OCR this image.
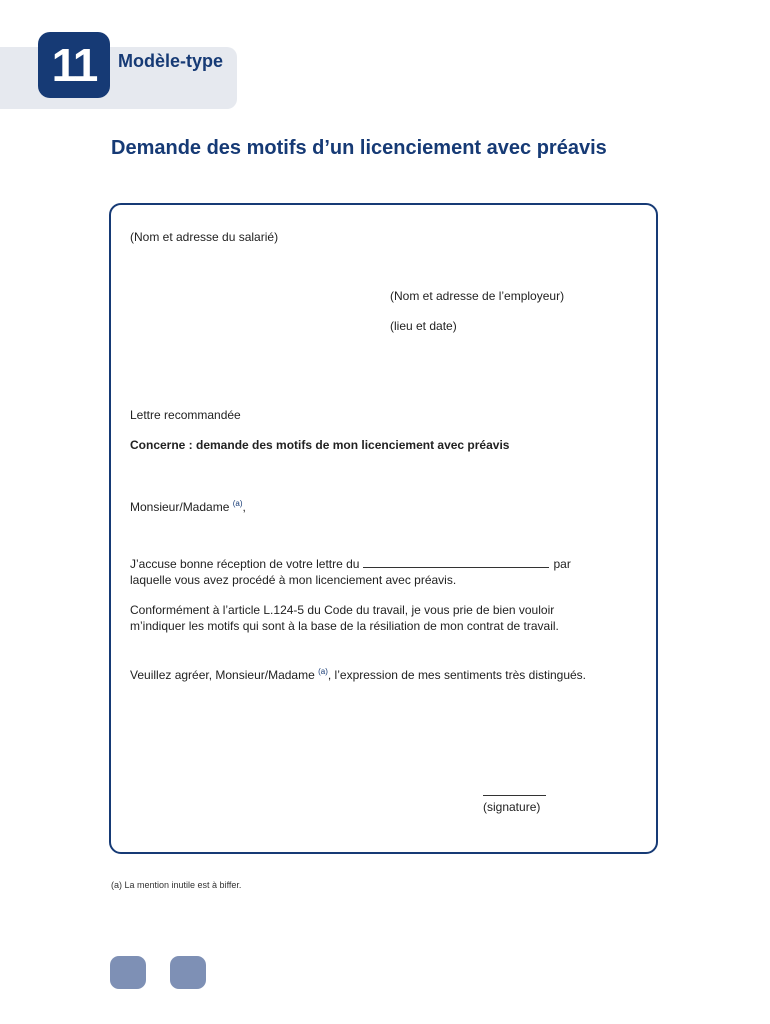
11	Modèle-type
Demande des motifs d’un licenciement avec préavis
(Nom et adresse du salarié)
(Nom et adresse de l’employeur)
(lieu et date)
Lettre recommandée
Concerne : demande des motifs de mon licenciement avec préavis
Monsieur/Madame $^{(a)}$,
J’accuse bonne réception de votre lettre du	par
laquelle vous avez procédé à mon licenciement avec préavis.
Conformément à l’article L.124-5 du Code du travail, je vous prie de bien vouloir
m’indiquer les motifs qui sont à la base de la résiliation de mon contrat de travail.
Veuillez agréer, Monsieur/Madame $^{(a)}$, l’expression de mes sentiments très distingués.
(signature)
(a) La mention inutile est à biffer.
